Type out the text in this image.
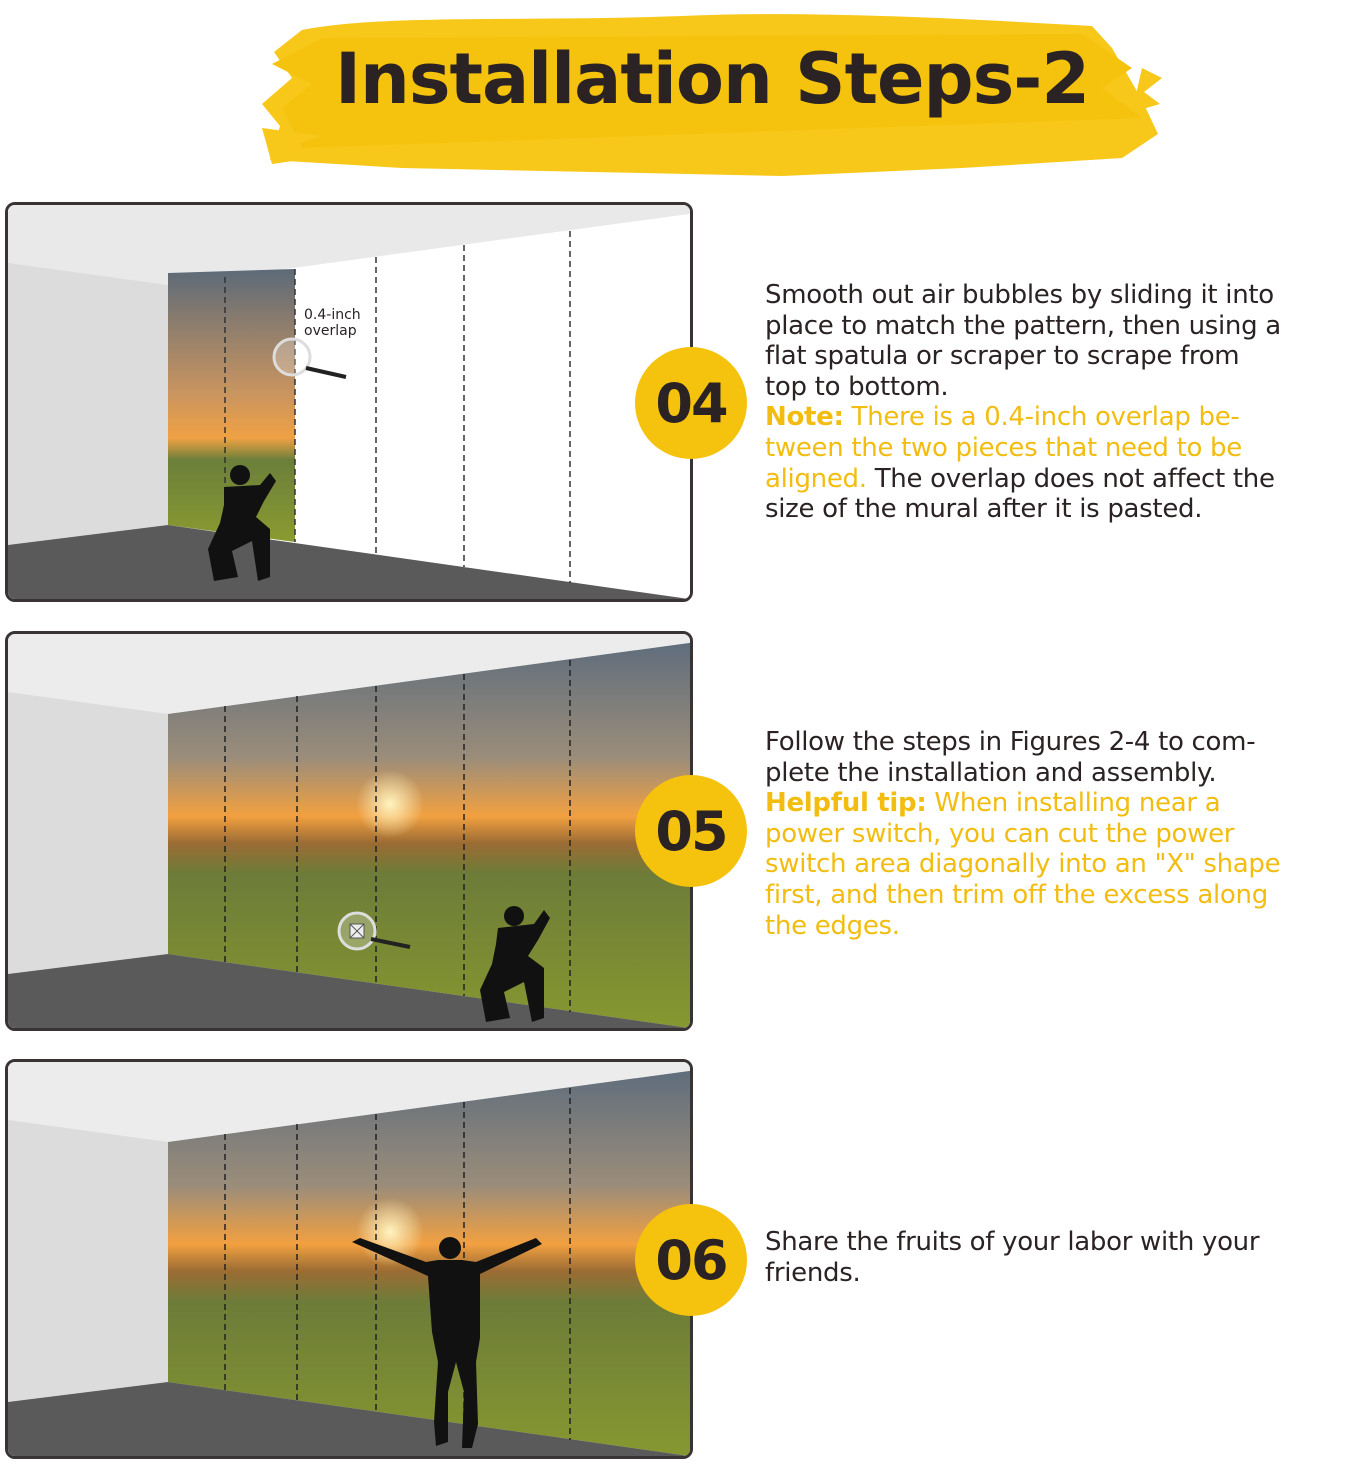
Installation Steps-2
0.4-inch
overlap
04
05
06
Smooth out air bubbles by sliding it into
place to match the pattern, then using a
flat spatula or scraper to scrape from
top to bottom.
Note: There is a 0.4-inch overlap be-
tween the two pieces that need to be
aligned. The overlap does not affect the
size of the mural after it is pasted.
Follow the steps in Figures 2-4 to com-
plete the installation and assembly.
Helpful tip: When installing near a
power switch, you can cut the power
switch area diagonally into an "X" shape
first, and then trim off the excess along
the edges.
Share the fruits of your labor with your
friends.
